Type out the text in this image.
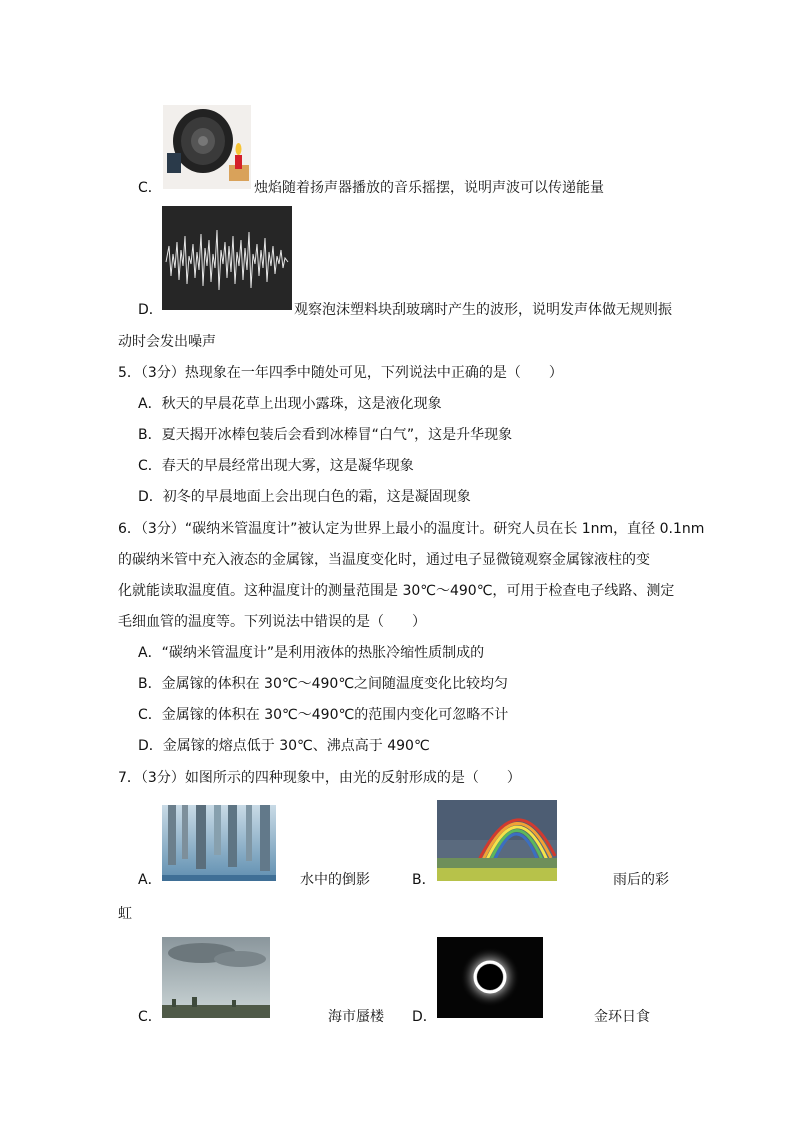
C．	烛焰随着扬声器播放的音乐摇摆，说明声波可以传递能量
D．	观察泡沫塑料块刮玻璃时产生的波形，说明发声体做无规则振
动时会发出噪声
5．（3分）热现象在一年四季中随处可见，下列说法中正确的是（　　）
A．秋天的早晨花草上出现小露珠，这是液化现象
B．夏天揭开冰棒包装后会看到冰棒冒“白气”，这是升华现象
C．春天的早晨经常出现大雾，这是凝华现象
D．初冬的早晨地面上会出现白色的霜，这是凝固现象
6．（3分）“碳纳米管温度计”被认定为世界上最小的温度计。研究人员在长 1nm，直径 0.1nm
的碳纳米管中充入液态的金属镓，当温度变化时，通过电子显微镜观察金属镓液柱的变
化就能读取温度值。这种温度计的测量范围是 30℃～490℃，可用于检查电子线路、测定
毛细血管的温度等。下列说法中错误的是（　　）
A．“碳纳米管温度计”是利用液体的热胀冷缩性质制成的
B．金属镓的体积在 30℃～490℃之间随温度变化比较均匀
C．金属镓的体积在 30℃～490℃的范围内变化可忽略不计
D．金属镓的熔点低于 30℃、沸点高于 490℃
7．（3分）如图所示的四种现象中，由光的反射形成的是（　　）
A．	水中的倒影	B．	雨后的彩
虹
C．	海市蜃楼 D．	金环日食
